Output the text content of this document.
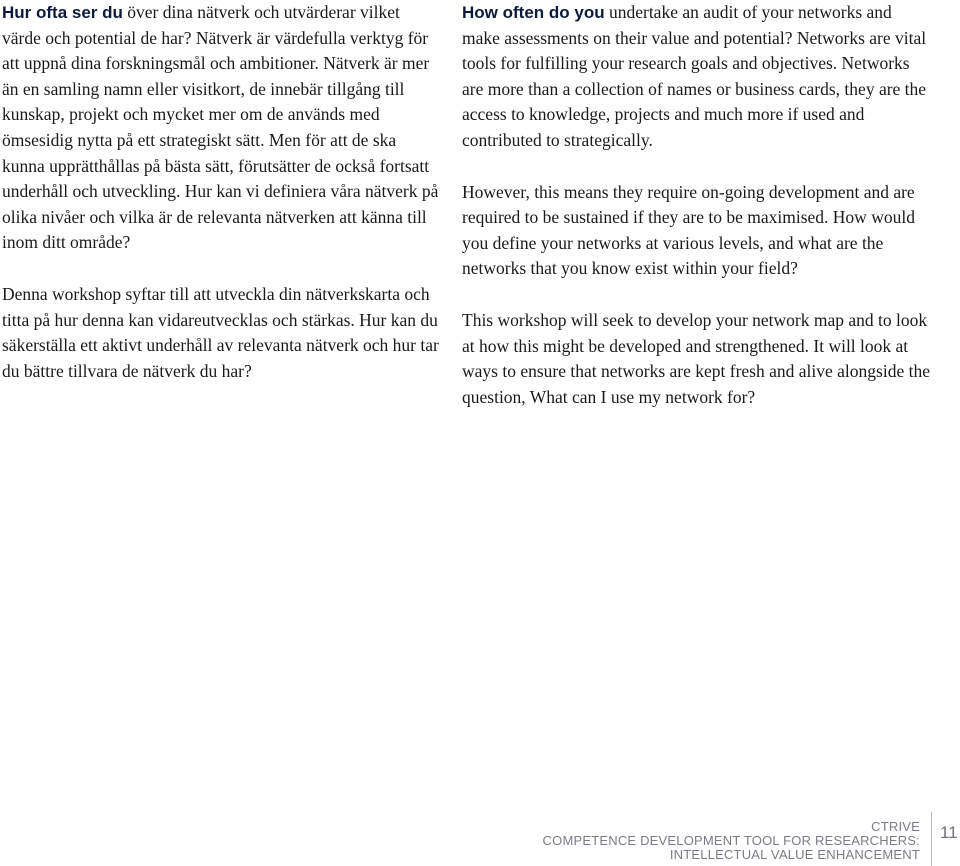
Hur ofta ser du över dina nätverk och utvärderar vilket värde och potential de har? Nätverk är värdefulla verktyg för att uppnå dina forskningsmål och ambitioner. Nätverk är mer än en samling namn eller visitkort, de innebär tillgång till kunskap, projekt och mycket mer om de används med ömsesidig nytta på ett strategiskt sätt. Men för att de ska kunna upprätthållas på bästa sätt, förutsätter de också fortsatt underhåll och utveckling. Hur kan vi definiera våra nätverk på olika nivåer och vilka är de relevanta nätverken att känna till inom ditt område?

Denna workshop syftar till att utveckla din nätverkskarta och titta på hur denna kan vidareutvecklas och stärkas. Hur kan du säkerställa ett aktivt underhåll av relevanta nätverk och hur tar du bättre tillvara de nätverk du har?

How often do you undertake an audit of your networks and make assessments on their value and potential? Networks are vital tools for fulfilling your research goals and objectives. Networks are more than a collection of names or business cards, they are the access to knowledge, projects and much more if used and contributed to strategically.

However, this means they require on-going development and are required to be sustained if they are to be maximised. How would you define your networks at various levels, and what are the networks that you know exist within your field?

This workshop will seek to develop your network map and to look at how this might be developed and strengthened. It will look at ways to ensure that networks are kept fresh and alive alongside the question, What can I use my network for?

CTRIVE
COMPETENCE DEVELOPMENT TOOL FOR RESEARCHERS:
INTELLECTUAL VALUE ENHANCEMENT
11
